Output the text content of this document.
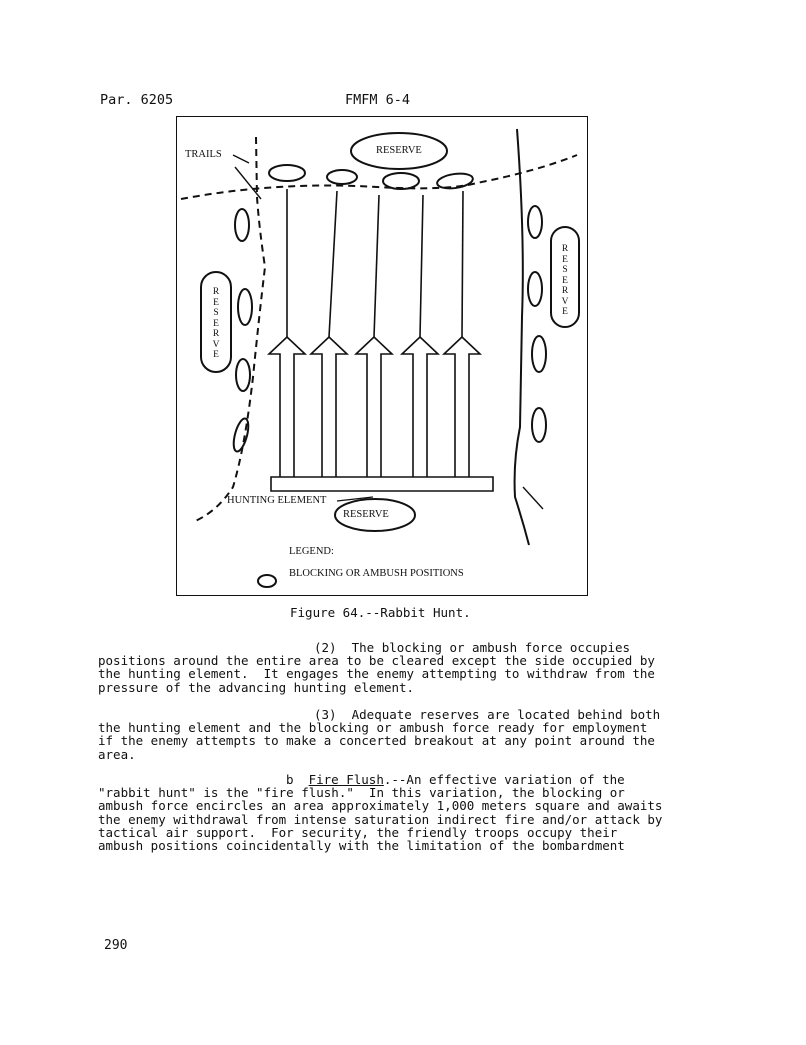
Par. 6205	FMFM 6-4
TRAILS	RESERVE
RESERVE
RESERVE
RESERVE
HUNTING ELEMENT
LEGEND:
BLOCKING OR AMBUSH POSITIONS
Figure 64.--Rabbit Hunt.
(2)  The blocking or ambush force occupies
positions around the entire area to be cleared except the side occupied by
the hunting element.  It engages the enemy attempting to withdraw from the
pressure of the advancing hunting element.
(3)  Adequate reserves are located behind both
the hunting element and the blocking or ambush force ready for employment
if the enemy attempts to make a concerted breakout at any point around the
area.
b Fire Flush.--An effective variation of the
"rabbit hunt" is the "fire flush."  In this variation, the blocking or
ambush force encircles an area approximately 1,000 meters square and awaits
the enemy withdrawal from intense saturation indirect fire and/or attack by
tactical air support.  For security, the friendly troops occupy their
ambush positions coincidentally with the limitation of the bombardment
290
